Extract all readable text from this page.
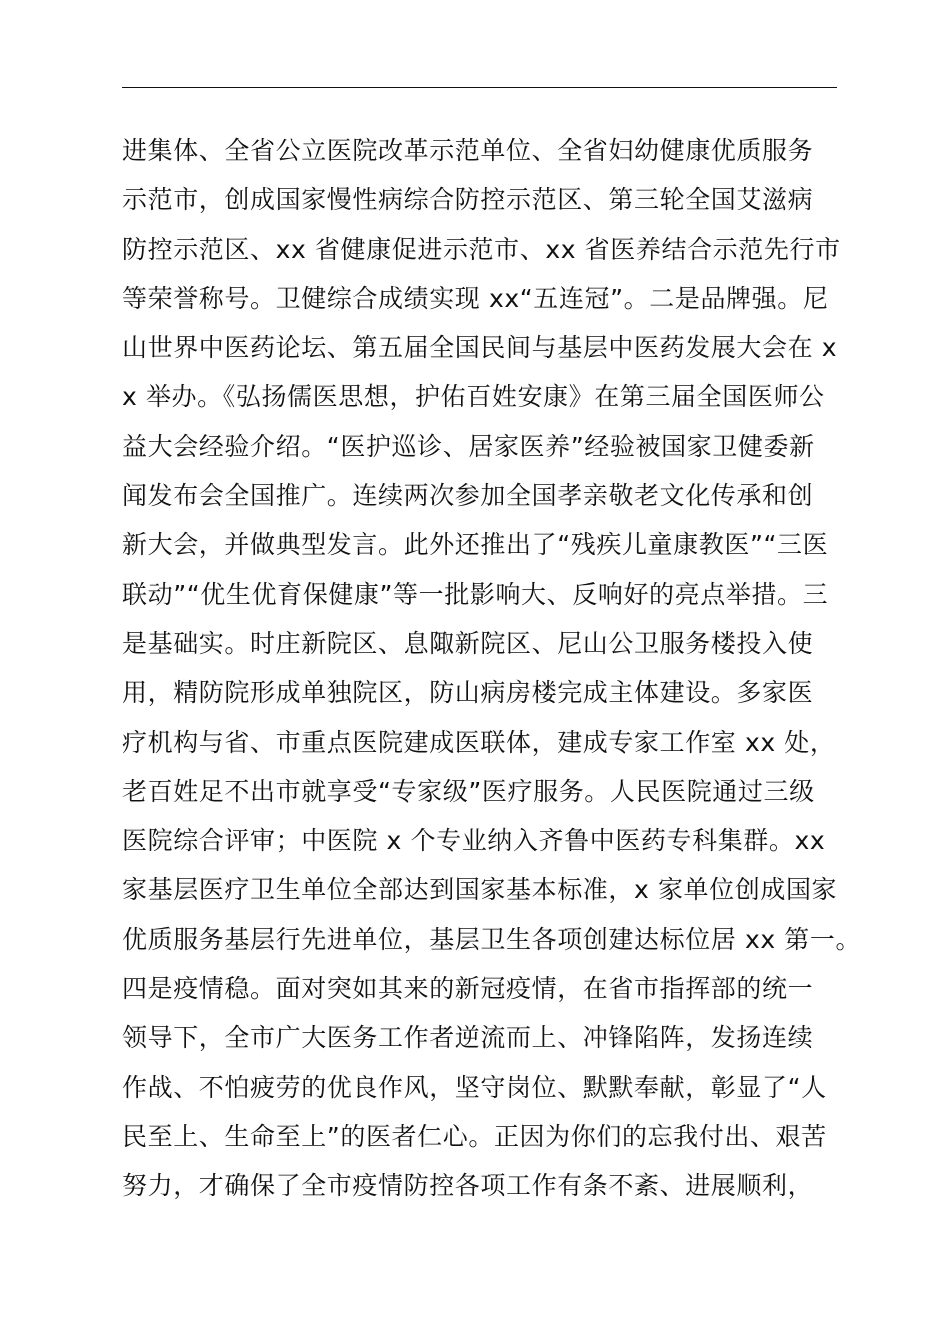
进集体、全省公立医院改革示范单位、全省妇幼健康优质服务
示范市，创成国家慢性病综合防控示范区、第三轮全国艾滋病
防控示范区、xx 省健康促进示范市、xx 省医养结合示范先行市
等荣誉称号。卫健综合成绩实现 xx“五连冠”。二是品牌强。尼
山世界中医药论坛、第五届全国民间与基层中医药发展大会在 x
x 举办。《弘扬儒医思想，护佑百姓安康》在第三届全国医师公
益大会经验介绍。“医护巡诊、居家医养”经验被国家卫健委新
闻发布会全国推广。连续两次参加全国孝亲敬老文化传承和创
新大会，并做典型发言。此外还推出了“残疾儿童康教医”“三医
联动”“优生优育保健康”等一批影响大、反响好的亮点举措。三
是基础实。时庄新院区、息陬新院区、尼山公卫服务楼投入使
用，精防院形成单独院区，防山病房楼完成主体建设。多家医
疗机构与省、市重点医院建成医联体，建成专家工作室 xx 处，
老百姓足不出市就享受“专家级”医疗服务。人民医院通过三级
医院综合评审；中医院 x 个专业纳入齐鲁中医药专科集群。xx
家基层医疗卫生单位全部达到国家基本标准，x 家单位创成国家
优质服务基层行先进单位，基层卫生各项创建达标位居 xx 第一。
四是疫情稳。面对突如其来的新冠疫情，在省市指挥部的统一
领导下，全市广大医务工作者逆流而上、冲锋陷阵，发扬连续
作战、不怕疲劳的优良作风，坚守岗位、默默奉献，彰显了“人
民至上、生命至上”的医者仁心。正因为你们的忘我付出、艰苦
努力，才确保了全市疫情防控各项工作有条不紊、进展顺利，
